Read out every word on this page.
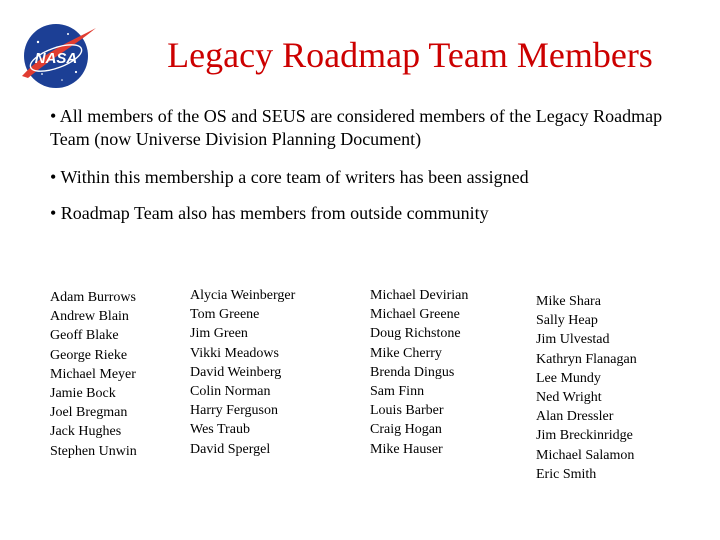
NASA	Legacy Roadmap Team Members
• All members of the OS and SEUS are considered members of the Legacy Roadmap Team (now Universe Division Planning Document)
• Within this membership a core team of writers has been assigned
• Roadmap Team also has members from outside community
Adam Burrows
Andrew Blain
Geoff Blake
George Rieke
Michael Meyer
Jamie Bock
Joel Bregman
Jack Hughes
Stephen Unwin
Alycia Weinberger
Tom Greene
Jim Green
Vikki Meadows
David Weinberg
Colin Norman
Harry Ferguson
Wes Traub
David Spergel
Michael Devirian
Michael Greene
Doug Richstone
Mike Cherry
Brenda Dingus
Sam Finn
Louis Barber
Craig Hogan
Mike Hauser
Mike Shara
Sally Heap
Jim Ulvestad
Kathryn Flanagan
Lee Mundy
Ned Wright
Alan Dressler
Jim Breckinridge
Michael Salamon
Eric Smith
